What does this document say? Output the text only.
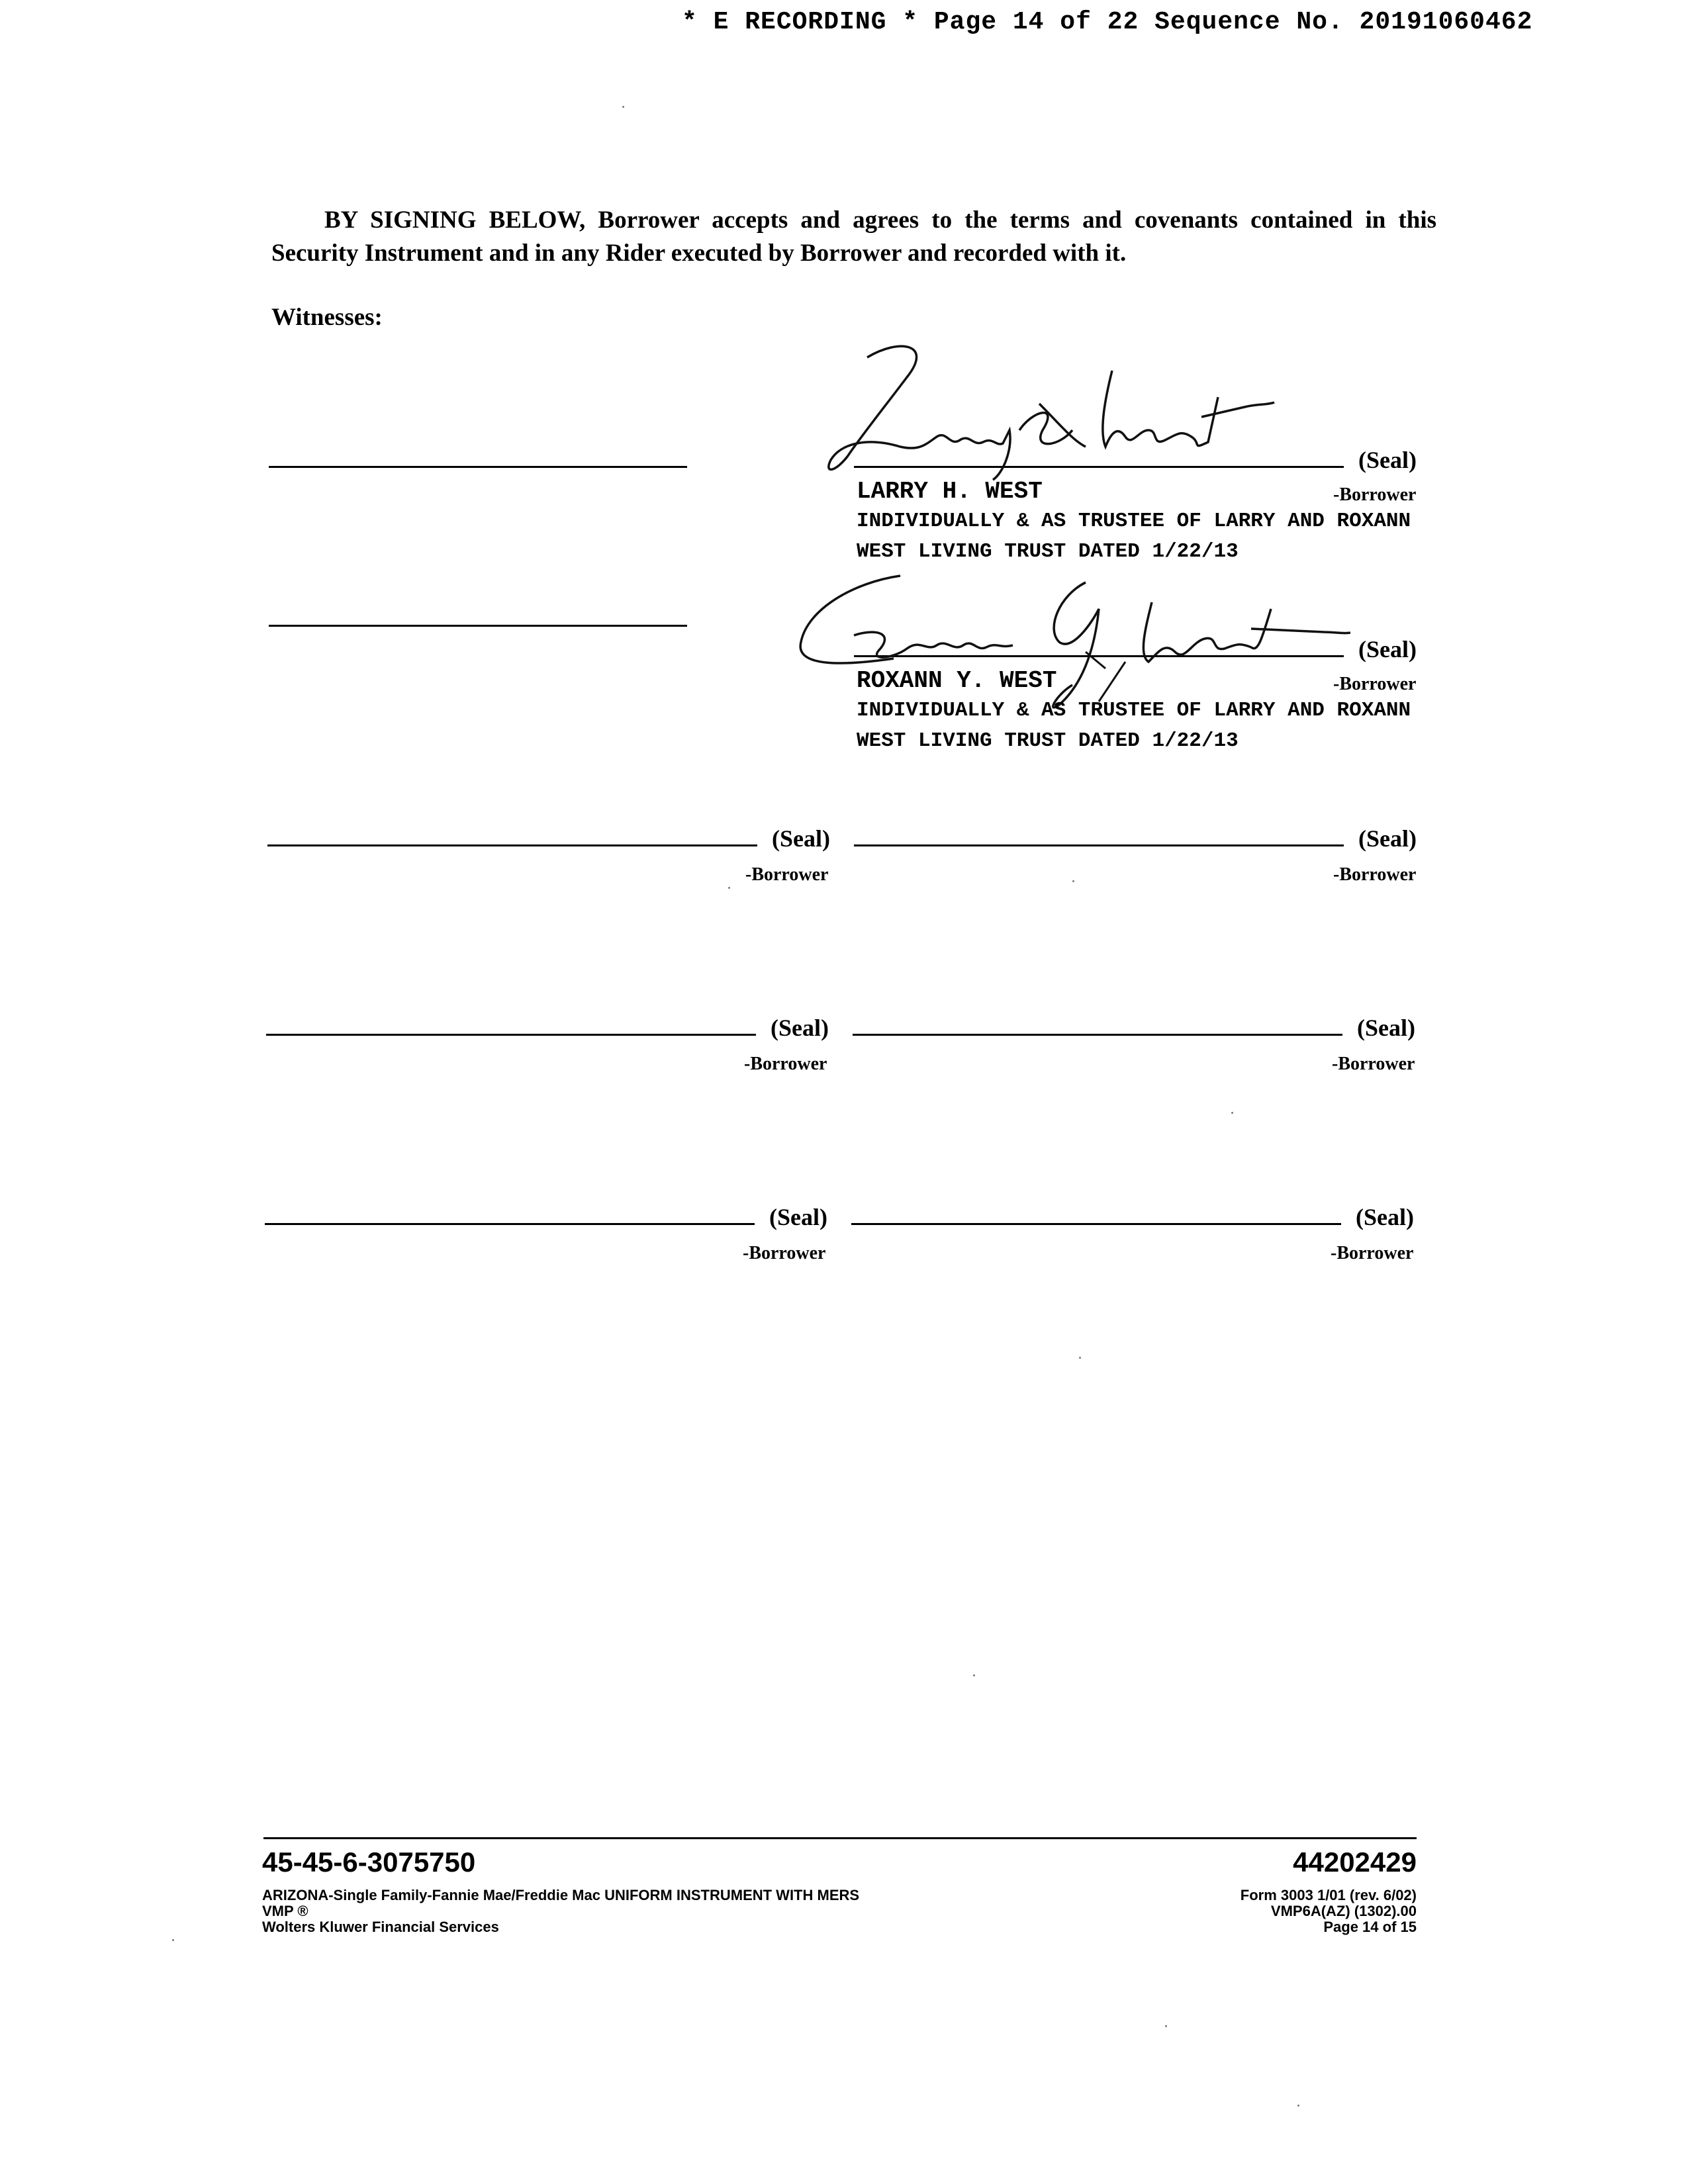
* E RECORDING * Page 14 of 22 Sequence No. 20191060462
BY SIGNING BELOW, Borrower accepts and agrees to the terms and covenants contained in this Security Instrument and in any Rider executed by Borrower and recorded with it.
Witnesses:
(Seal)
-Borrower
LARRY H. WEST
INDIVIDUALLY & AS TRUSTEE OF LARRY AND ROXANN
WEST LIVING TRUST DATED 1/22/13
(Seal)
-Borrower
ROXANN Y. WEST
INDIVIDUALLY & AS TRUSTEE OF LARRY AND ROXANN
WEST LIVING TRUST DATED 1/22/13
(Seal)
-Borrower
(Seal)
-Borrower
(Seal)
-Borrower
(Seal)
-Borrower
(Seal)
-Borrower
(Seal)
-Borrower
45-45-6-3075750	44202429
ARIZONA-Single Family-Fannie Mae/Freddie Mac UNIFORM INSTRUMENT WITH MERS
VMP ®
Wolters Kluwer Financial Services
Form 3003 1/01 (rev. 6/02)
VMP6A(AZ) (1302).00
Page 14 of 15
